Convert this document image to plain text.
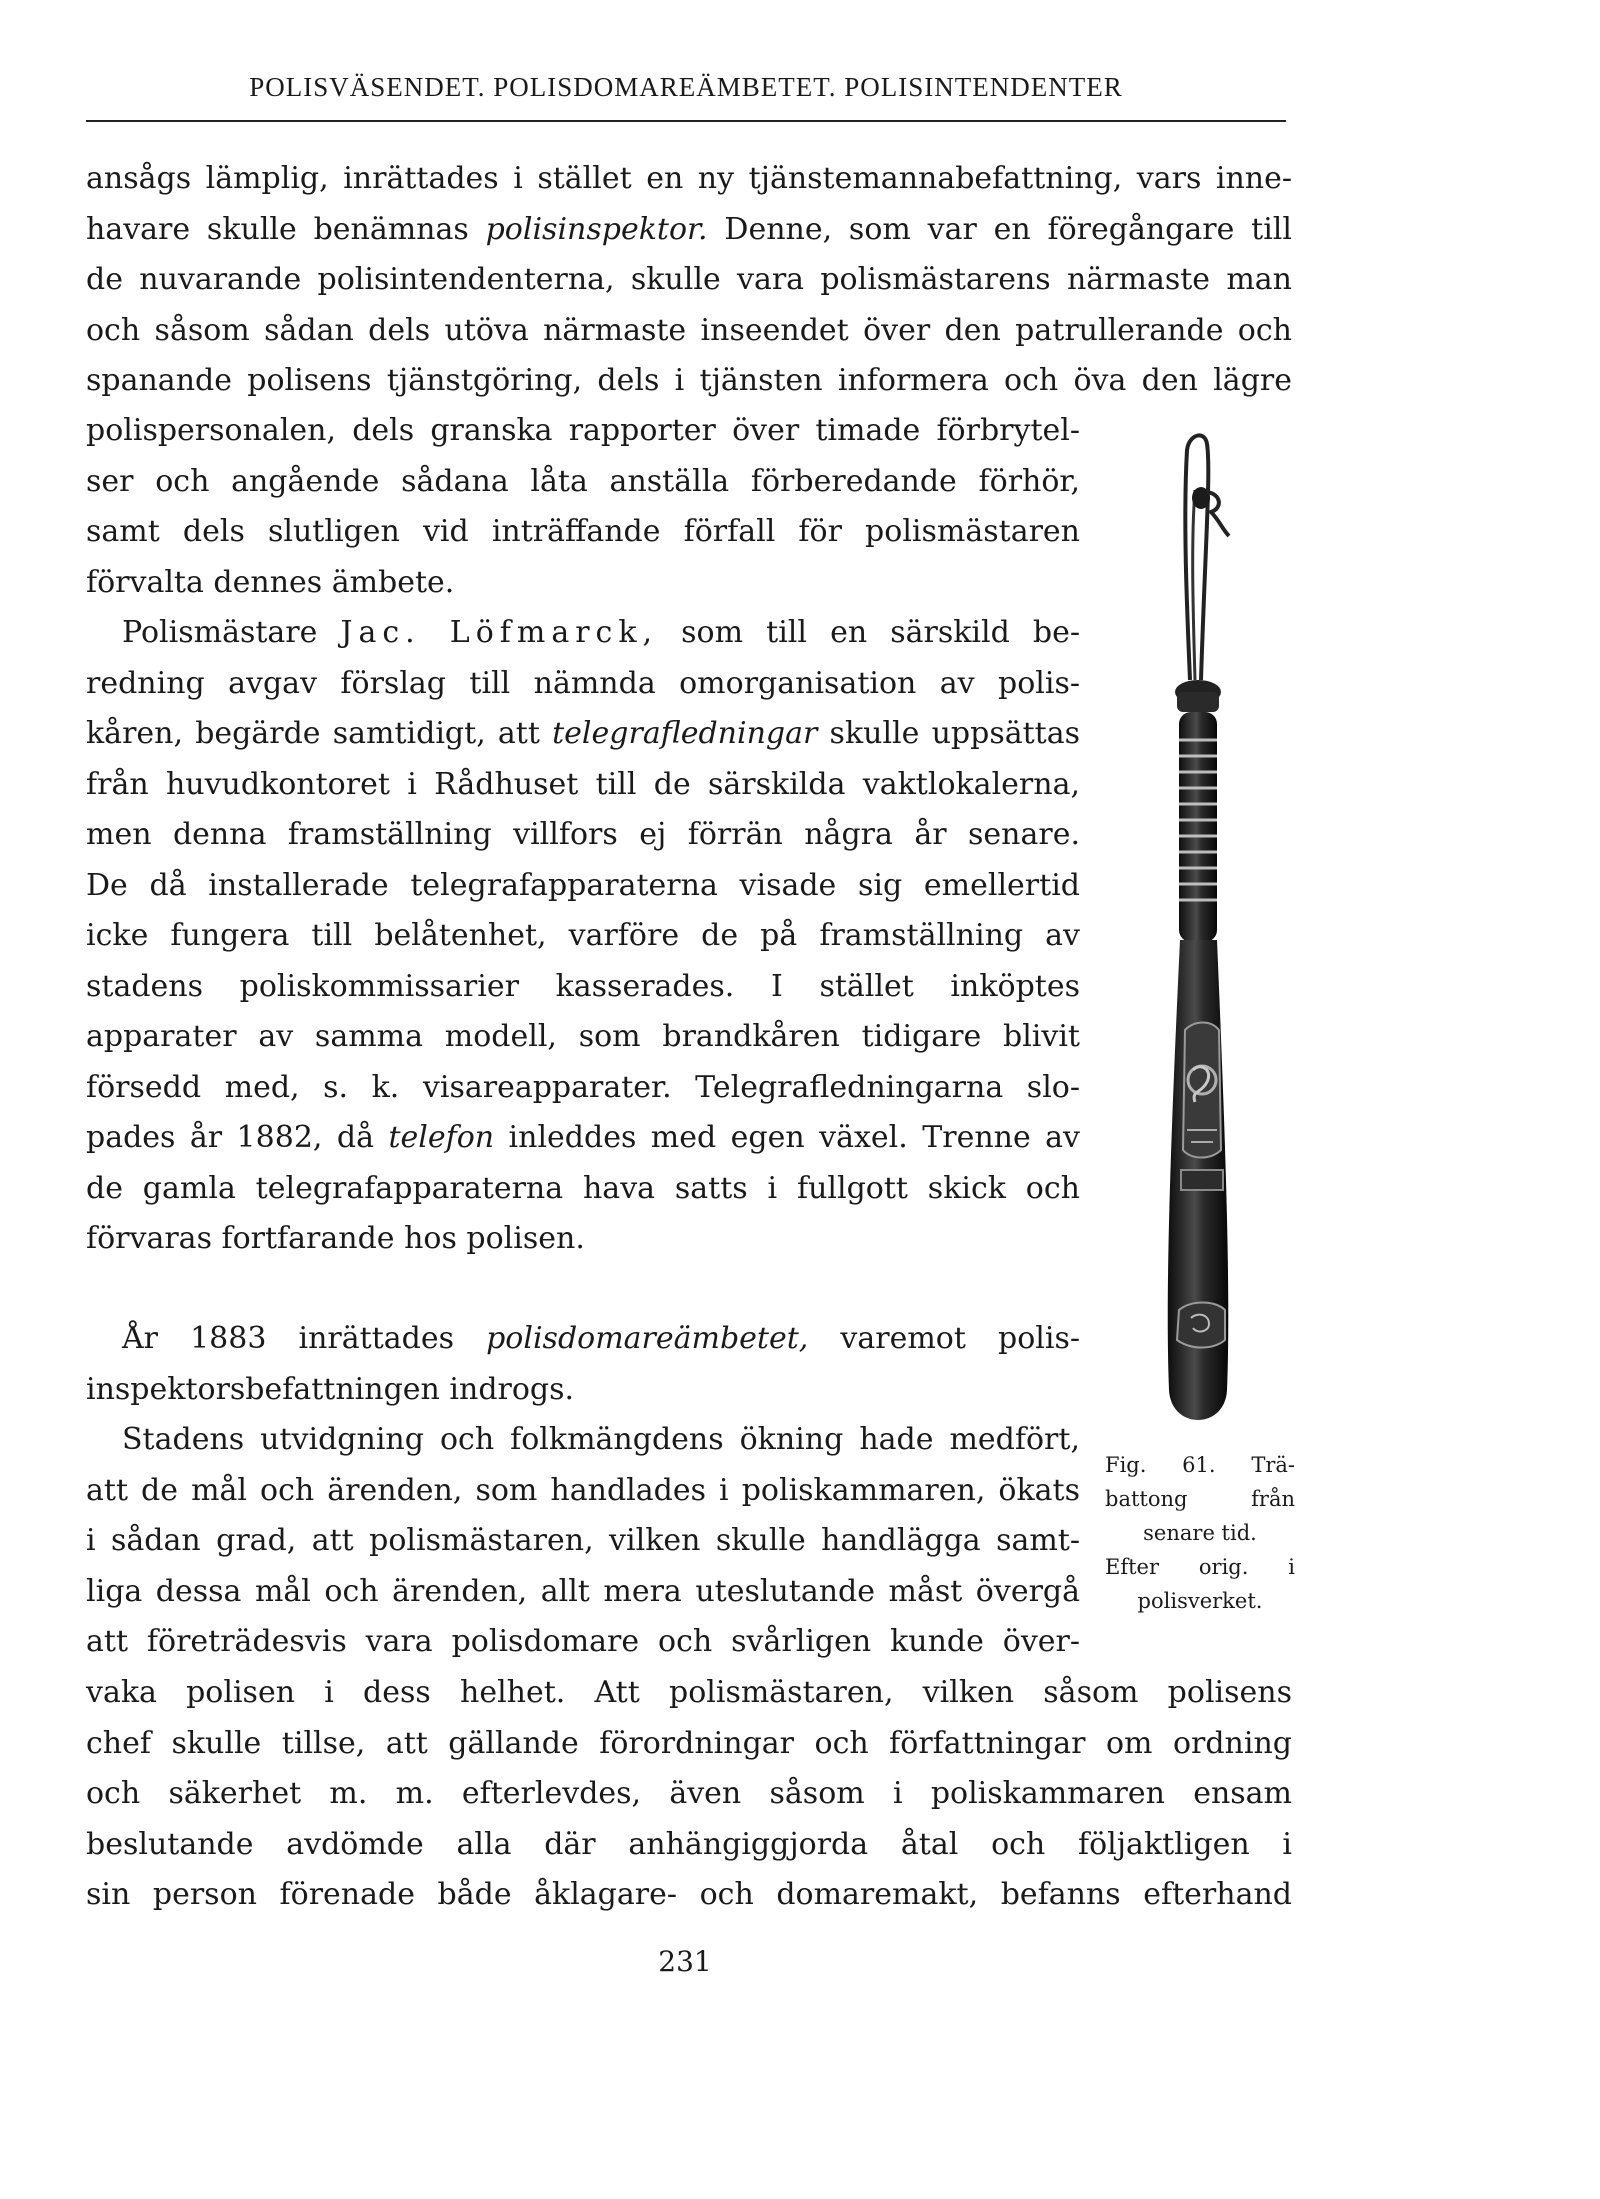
POLISVÄSENDET. POLISDOMAREÄMBETET. POLISINTENDENTER

ansågs lämplig, inrättades i stället en ny tjänstemannabefattning, vars inne-
havare skulle benämnas polisinspektor. Denne, som var en föregångare till
de nuvarande polisintendenterna, skulle vara polismästarens närmaste man
och såsom sådan dels utöva närmaste inseendet över den patrullerande och
spanande polisens tjänstgöring, dels i tjänsten informera och öva den lägre

polispersonalen, dels granska rapporter över timade förbrytel-
ser och angående sådana låta anställa förberedande förhör,
samt dels slutligen vid inträffande förfall för polismästaren
förvalta dennes ämbete.

Polismästare Jac. Löfmarck, som till en särskild be-
redning avgav förslag till nämnda omorganisation av polis-
kåren, begärde samtidigt, att telegrafledningar skulle uppsättas
från huvudkontoret i Rådhuset till de särskilda vaktlokalerna,
men denna framställning villfors ej förrän några år senare.
De då installerade telegrafapparaterna visade sig emellertid
icke fungera till belåtenhet, varföre de på framställning av
stadens poliskommissarier kasserades. I stället inköptes
apparater av samma modell, som brandkåren tidigare blivit
försedd med, s. k. visareapparater. Telegrafledningarna slo-
pades år 1882, då telefon inleddes med egen växel. Trenne av
de gamla telegrafapparaterna hava satts i fullgott skick och
förvaras fortfarande hos polisen.

År 1883 inrättades polisdomareämbetet, varemot polis-
inspektorsbefattningen indrogs.

Stadens utvidgning och folkmängdens ökning hade medfört,
att de mål och ärenden, som handlades i poliskammaren, ökats
i sådan grad, att polismästaren, vilken skulle handlägga samt-
liga dessa mål och ärenden, allt mera uteslutande måst övergå
att företrädesvis vara polisdomare och svårligen kunde över-

vaka polisen i dess helhet. Att polismästaren, vilken såsom polisens
chef skulle tillse, att gällande förordningar och författningar om ordning
och säkerhet m. m. efterlevdes, även såsom i poliskammaren ensam
beslutande avdömde alla där anhängiggjorda åtal och följaktligen i
sin person förenade både åklagare- och domaremakt, befanns efterhand

Fig. 61. Trä-
battong från
senare tid.
Efter orig. i
polisverket.
231
